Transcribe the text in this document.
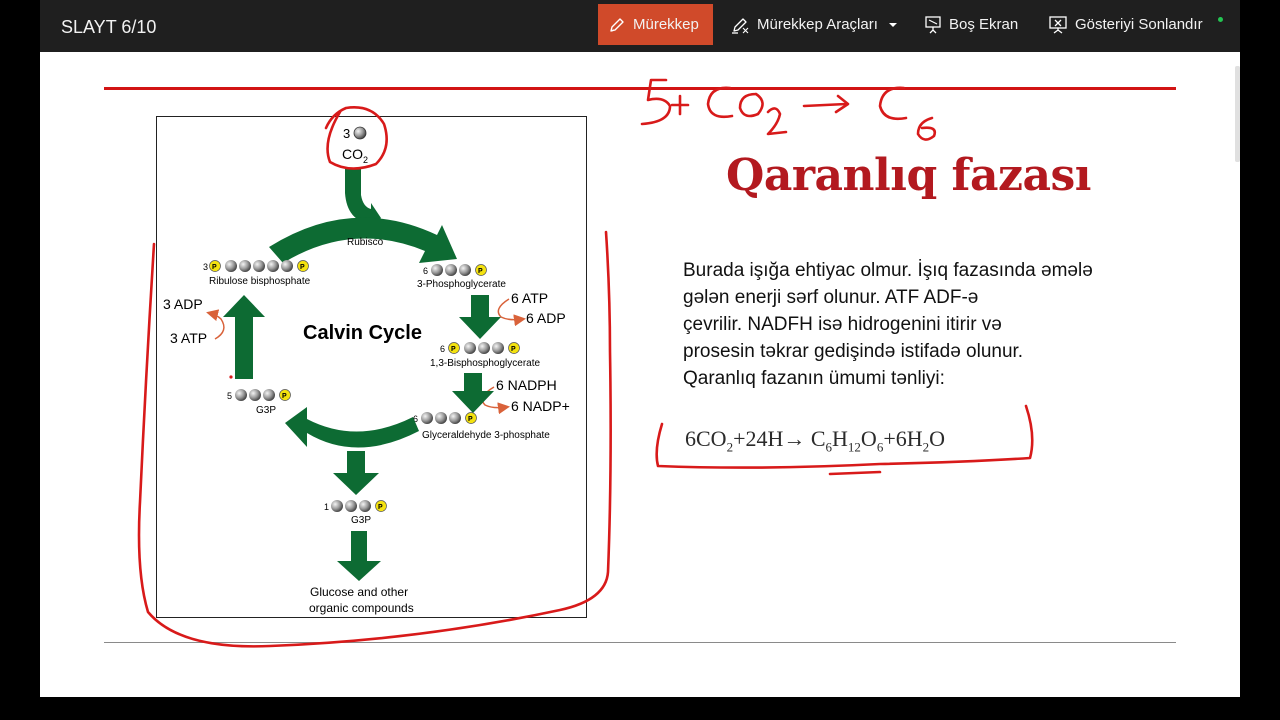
SLAYT 6/10	Mürekkep	Mürekkep Araçları	Boş Ekran	Gösteriyi Sonlandır
3
$CO_2$
Rubisco
3 P	P
Ribulose bisphosphate
6	P
3-Phosphoglycerate
6 ATP
6 ADP
6 P	P
1,3-Bisphosphoglycerate
6 NADPH
6 NADP+
6	P
Glyceraldehyde 3-phosphate
5	P
G3P
3 ADP
3 ATP	Calvin Cycle
1	P
G3P
Glucose and other
organic compounds
Qaranlıq fazası
Burada işığa ehtiyac olmur. İşıq fazasında əmələ
gələn enerji sərf olunur. ATF ADF-ə
çevrilir. NADFH isə hidrogenini itirir və
prosesin təkrar gedişində istifadə olunur.
Qaranlıq fazanın ümumi tənliyi:
$6CO_2+24H\to C_6H_{12}O_6+6H_2O$
